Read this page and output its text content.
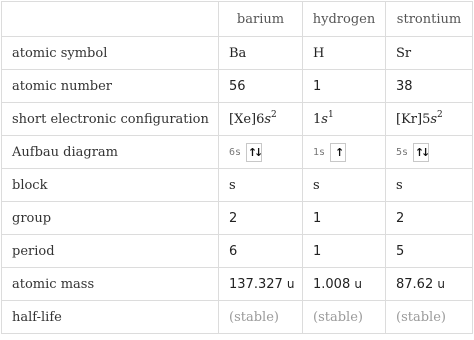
	barium	hydrogen	strontium
atomic symbol	Ba	H	Sr
atomic number	56	1	38
short electronic configuration	$[Xe]6s^2$	$1s^1$	$[Kr]5s^2$
Aufbau diagram	6s ↑↓	1s ↑	5s ↑↓

block	s	s	s
group	2	1	2
period	6	1	5
atomic mass	137.327 u	1.008 u	87.62 u
half-life	(stable)	(stable)	(stable)
